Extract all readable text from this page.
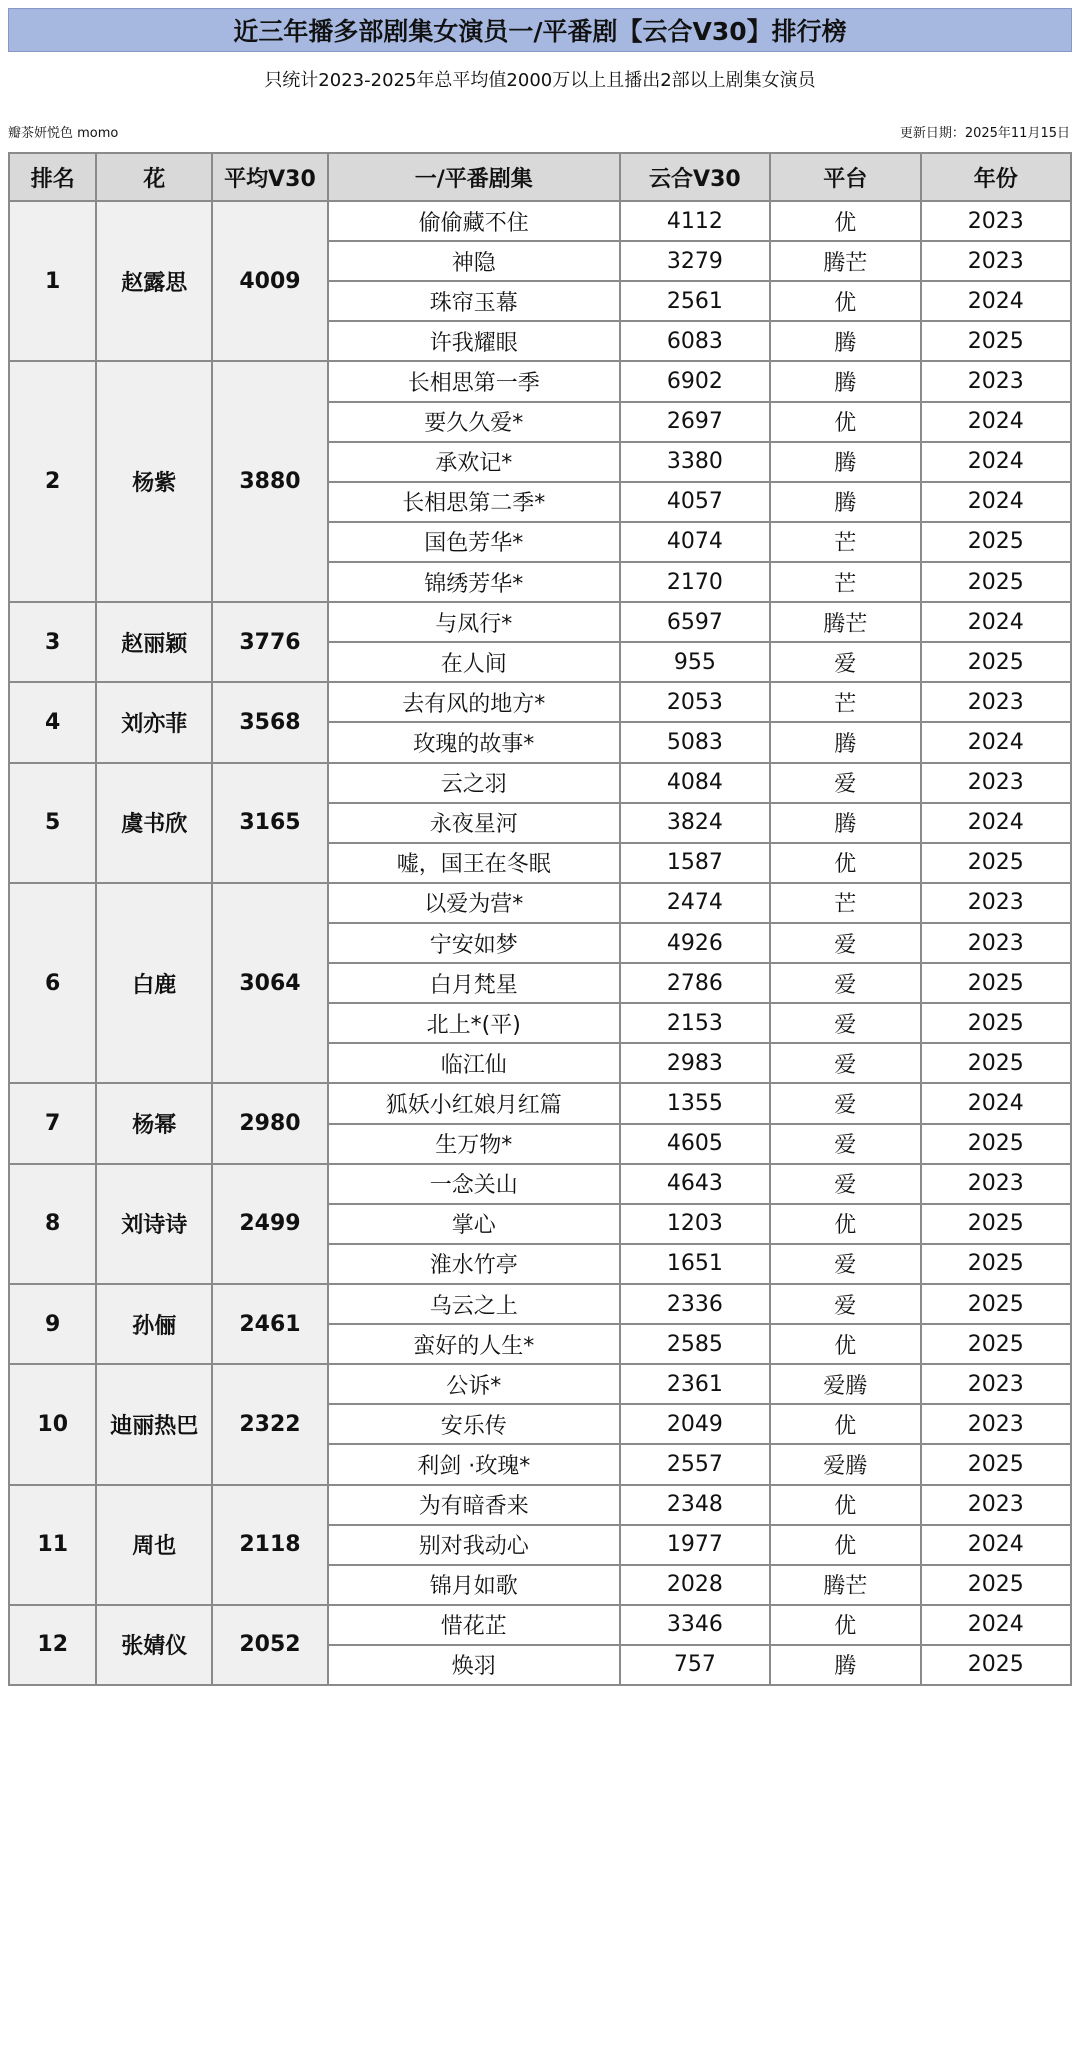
近三年播多部剧集女演员一/平番剧【云合V30】排行榜
只统计2023-2025年总平均值2000万以上且播出2部以上剧集女演员
瓣茶妍悦色 momo	更新日期：2025年11月15日
排名	花	平均V30	一/平番剧集	云合V30	平台	年份
1	赵露思	4009	偷偷藏不住	4112	优	2023
			神隐	3279	腾芒	2023
			珠帘玉幕	2561	优	2024
			许我耀眼	6083	腾	2025
2	杨紫	3880	长相思第一季	6902	腾	2023
			要久久爱*	2697	优	2024
			承欢记*	3380	腾	2024
			长相思第二季*	4057	腾	2024
			国色芳华*	4074	芒	2025
			锦绣芳华*	2170	芒	2025
3	赵丽颖	3776	与凤行*	6597	腾芒	2024
			在人间	955	爱	2025
4	刘亦菲	3568	去有风的地方*	2053	芒	2023
			玫瑰的故事*	5083	腾	2024
5	虞书欣	3165	云之羽	4084	爱	2023
			永夜星河	3824	腾	2024
			嘘，国王在冬眠	1587	优	2025
6	白鹿	3064	以爱为营*	2474	芒	2023
			宁安如梦	4926	爱	2023
			白月梵星	2786	爱	2025
			北上*(平)	2153	爱	2025
			临江仙	2983	爱	2025
7	杨幂	2980	狐妖小红娘月红篇	1355	爱	2024
			生万物*	4605	爱	2025
8	刘诗诗	2499	一念关山	4643	爱	2023
			掌心	1203	优	2025
			淮水竹亭	1651	爱	2025
9	孙俪	2461	乌云之上	2336	爱	2025
			蛮好的人生*	2585	优	2025
10	迪丽热巴	2322	公诉*	2361	爱腾	2023
			安乐传	2049	优	2023
			利剑 ·玫瑰*	2557	爱腾	2025
11	周也	2118	为有暗香来	2348	优	2023
			别对我动心	1977	优	2024
			锦月如歌	2028	腾芒	2025
12	张婧仪	2052	惜花芷	3346	优	2024
			焕羽	757	腾	2025
